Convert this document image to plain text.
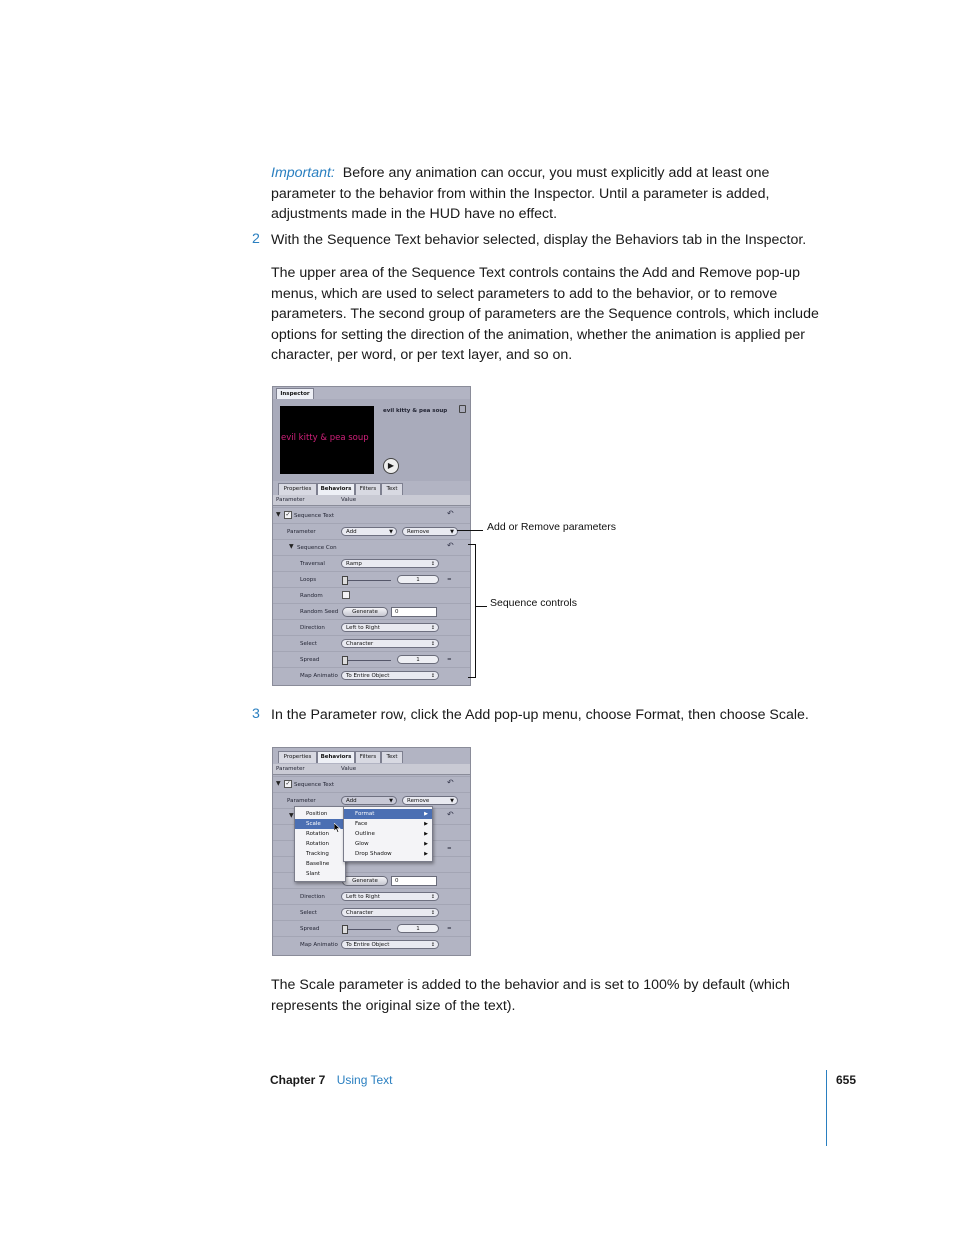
Important: Before any animation can occur, you must explicitly add at least one
parameter to the behavior from within the Inspector. Until a parameter is added,
adjustments made in the HUD have no effect.
2 With the Sequence Text behavior selected, display the Behaviors tab in the Inspector.
The upper area of the Sequence Text controls contains the Add and Remove pop-up
menus, which are used to select parameters to add to the behavior, or to remove
parameters. The second group of parameters are the Sequence controls, which include
options for setting the direction of the animation, whether the animation is applied per
character, per word, or per text layer, and so on.
Inspector
evil kitty & pea soup
evil kitty & pea soup
▶
Properties	Behaviors	Filters	Text
Parameter	Value
▼ ✓ Sequence Text	↶
Parameter	Add	▼	Remove	▼
▼ Sequence Con	↶
Traversal	Ramp	↕
Loops	1	=
Random
Random Seed	Generate	0
Direction	Left to Right	↕
Select	Character	↕
Spread	1	=
Map Animatio	To Entire Object	↕
Add or Remove parameters
Sequence controls
3 In the Parameter row, click the Add pop-up menu, choose Format, then choose Scale.
Properties	Behaviors	Filters	Text
Parameter	Value
▼ ✓ Sequence Text	↶
Parameter	Add	▼	Remove	▼
▼	↶
=
Generate	0
Direction	Left to Right	↕
Select	Character	↕
Spread	1	=
Map Animatio	To Entire Object	↕
Position
Scale
Rotation
Rotation
Tracking
Baseline
Slant
Format	▶
Face	▶
Outline	▶
Glow	▶
Drop Shadow	▶
The Scale parameter is added to the behavior and is set to 100% by default (which
represents the original size of the text).
Chapter 7 Using Text	655
